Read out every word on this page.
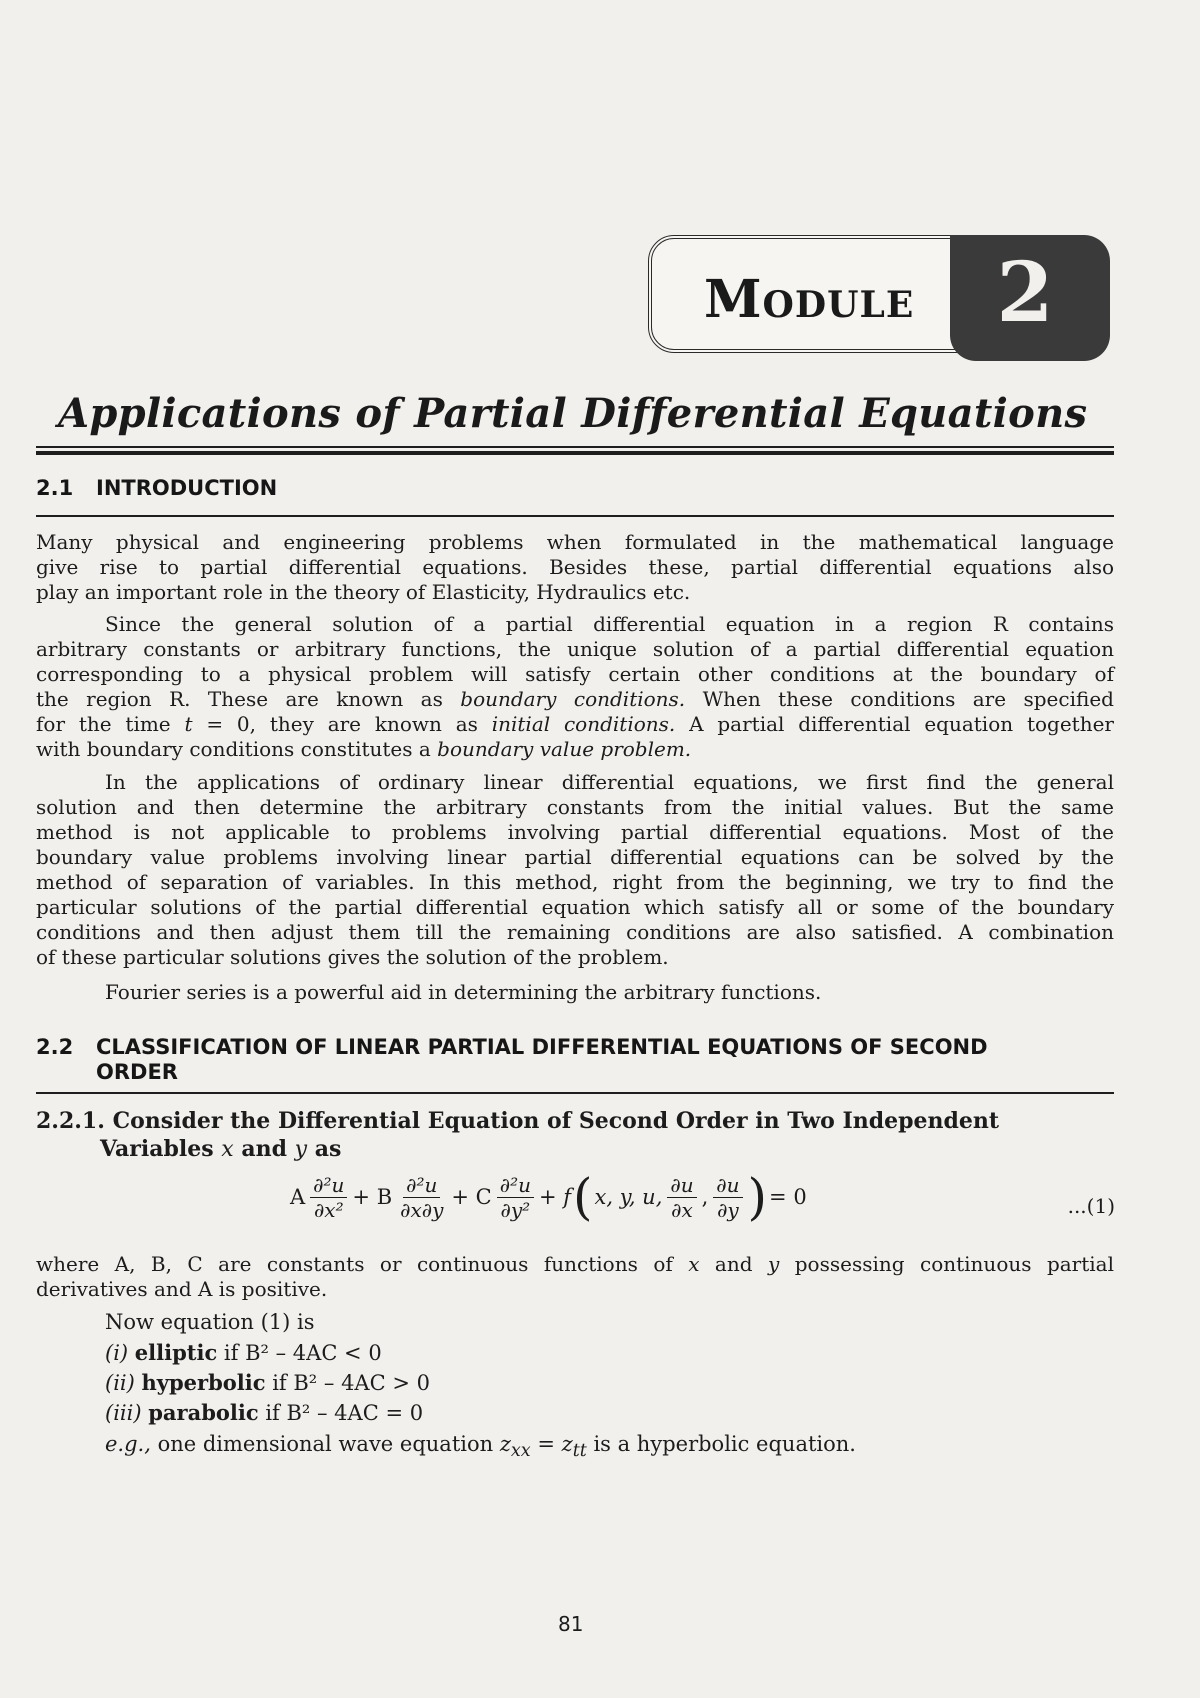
Module	2
Applications of Partial Differential Equations
2.1 INTRODUCTION
Many physical and engineering problems when formulated in the mathematical language
give rise to partial differential equations. Besides these, partial differential equations also
play an important role in the theory of Elasticity, Hydraulics etc.
Since the general solution of a partial differential equation in a region R contains
arbitrary constants or arbitrary functions, the unique solution of a partial differential equation
corresponding to a physical problem will satisfy certain other conditions at the boundary of
the region R. These are known as boundary conditions. When these conditions are specified
for the time t = 0, they are known as initial conditions. A partial differential equation together
with boundary conditions constitutes a boundary value problem.
In the applications of ordinary linear differential equations, we first find the general
solution and then determine the arbitrary constants from the initial values. But the same
method is not applicable to problems involving partial differential equations. Most of the
boundary value problems involving linear partial differential equations can be solved by the
method of separation of variables. In this method, right from the beginning, we try to find the
particular solutions of the partial differential equation which satisfy all or some of the boundary
conditions and then adjust them till the remaining conditions are also satisfied. A combination
of these particular solutions gives the solution of the problem.
Fourier series is a powerful aid in determining the arbitrary functions.
2.2 CLASSIFICATION OF LINEAR PARTIAL DIFFERENTIAL EQUATIONS OF SECOND
ORDER
2.2.1. Consider the Differential Equation of Second Order in Two Independent
Variables x and y as
A $\frac{\text{∂²u}}{\text{∂x²}} + B \frac{\text{∂²u}}{\partial x\partial y} + C \frac{\text{∂²u}}{\text{∂y²}} + f$ ( x, y, u, $\frac{\partial u}{\partial x}$ , $\frac{\partial u}{\partial y}$ ) = 0	...(1)
where A, B, C are constants or continuous functions of x and y possessing continuous partial
derivatives and A is positive.
Now equation (1) is
(i) elliptic if B² – 4AC < 0
(ii) hyperbolic if B² – 4AC > 0
(iii) parabolic if B² – 4AC = 0
e.g., one dimensional wave equation $z_{xx} = z_{tt}$ is a hyperbolic equation.
81
